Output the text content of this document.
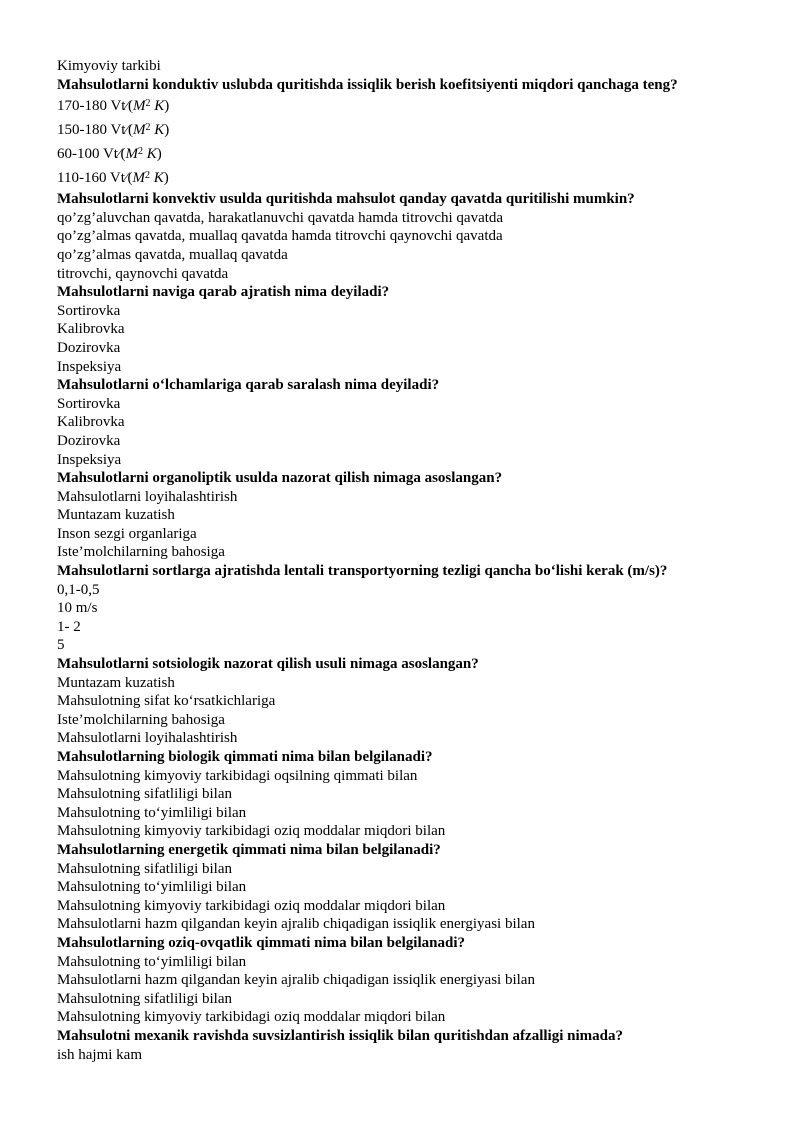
Kimyoviy tarkibi
Mahsulotlarni konduktiv uslubda quritishda issiqlik berish koefitsiyenti miqdori qanchaga teng?
170-180 $Vt⁄(M^2$ K)
150-180 $Vt⁄(M^2$ K)
60-100 $Vt⁄(M^2$ K)
110-160 $Vt⁄(M^2$ K)
Mahsulotlarni konvektiv usulda quritishda mahsulot qanday qavatda quritilishi mumkin?
qo’zg’aluvchan qavatda, harakatlanuvchi qavatda hamda titrovchi qavatda
qo’zg’almas qavatda, muallaq qavatda hamda titrovchi qaynovchi qavatda
qo’zg’almas qavatda, muallaq qavatda
titrovchi, qaynovchi qavatda
Mahsulotlarni naviga qarab ajratish nima deyiladi?
Sortirovka
Kalibrovka
Dozirovka
Inspeksiya
Mahsulotlarni o‘lchamlariga qarab saralash nima deyiladi?
Sortirovka
Kalibrovka
Dozirovka
Inspeksiya
Mahsulotlarni organoliptik usulda nazorat qilish nimaga asoslangan?
Mahsulotlarni loyihalashtirish
Muntazam kuzatish
Inson sezgi organlariga
Iste’molchilarning bahosiga
Mahsulotlarni sortlarga ajratishda lentali transportyorning tezligi qancha bo‘lishi kerak (m/s)?
0,1-0,5
10 m/s
1- 2
5
Mahsulotlarni sotsiologik nazorat qilish usuli nimaga asoslangan?
Muntazam kuzatish
Mahsulotning sifat ko‘rsatkichlariga
Iste’molchilarning bahosiga
Mahsulotlarni loyihalashtirish
Mahsulotlarning biologik qimmati nima bilan belgilanadi?
Mahsulotning kimyoviy tarkibidagi oqsilning qimmati bilan
Mahsulotning sifatliligi bilan
Mahsulotning to‘yimliligi bilan
Mahsulotning kimyoviy tarkibidagi oziq moddalar miqdori bilan
Mahsulotlarning energetik qimmati nima bilan belgilanadi?
Mahsulotning sifatliligi bilan
Mahsulotning to‘yimliligi bilan
Mahsulotning kimyoviy tarkibidagi oziq moddalar miqdori bilan
Mahsulotlarni hazm qilgandan keyin ajralib chiqadigan issiqlik energiyasi bilan
Mahsulotlarning oziq-ovqatlik qimmati nima bilan belgilanadi?
Mahsulotning to‘yimliligi bilan
Mahsulotlarni hazm qilgandan keyin ajralib chiqadigan issiqlik energiyasi bilan
Mahsulotning sifatliligi bilan
Mahsulotning kimyoviy tarkibidagi oziq moddalar miqdori bilan
Mahsulotni mexanik ravishda suvsizlantirish issiqlik bilan quritishdan afzalligi nimada?
ish hajmi kam
